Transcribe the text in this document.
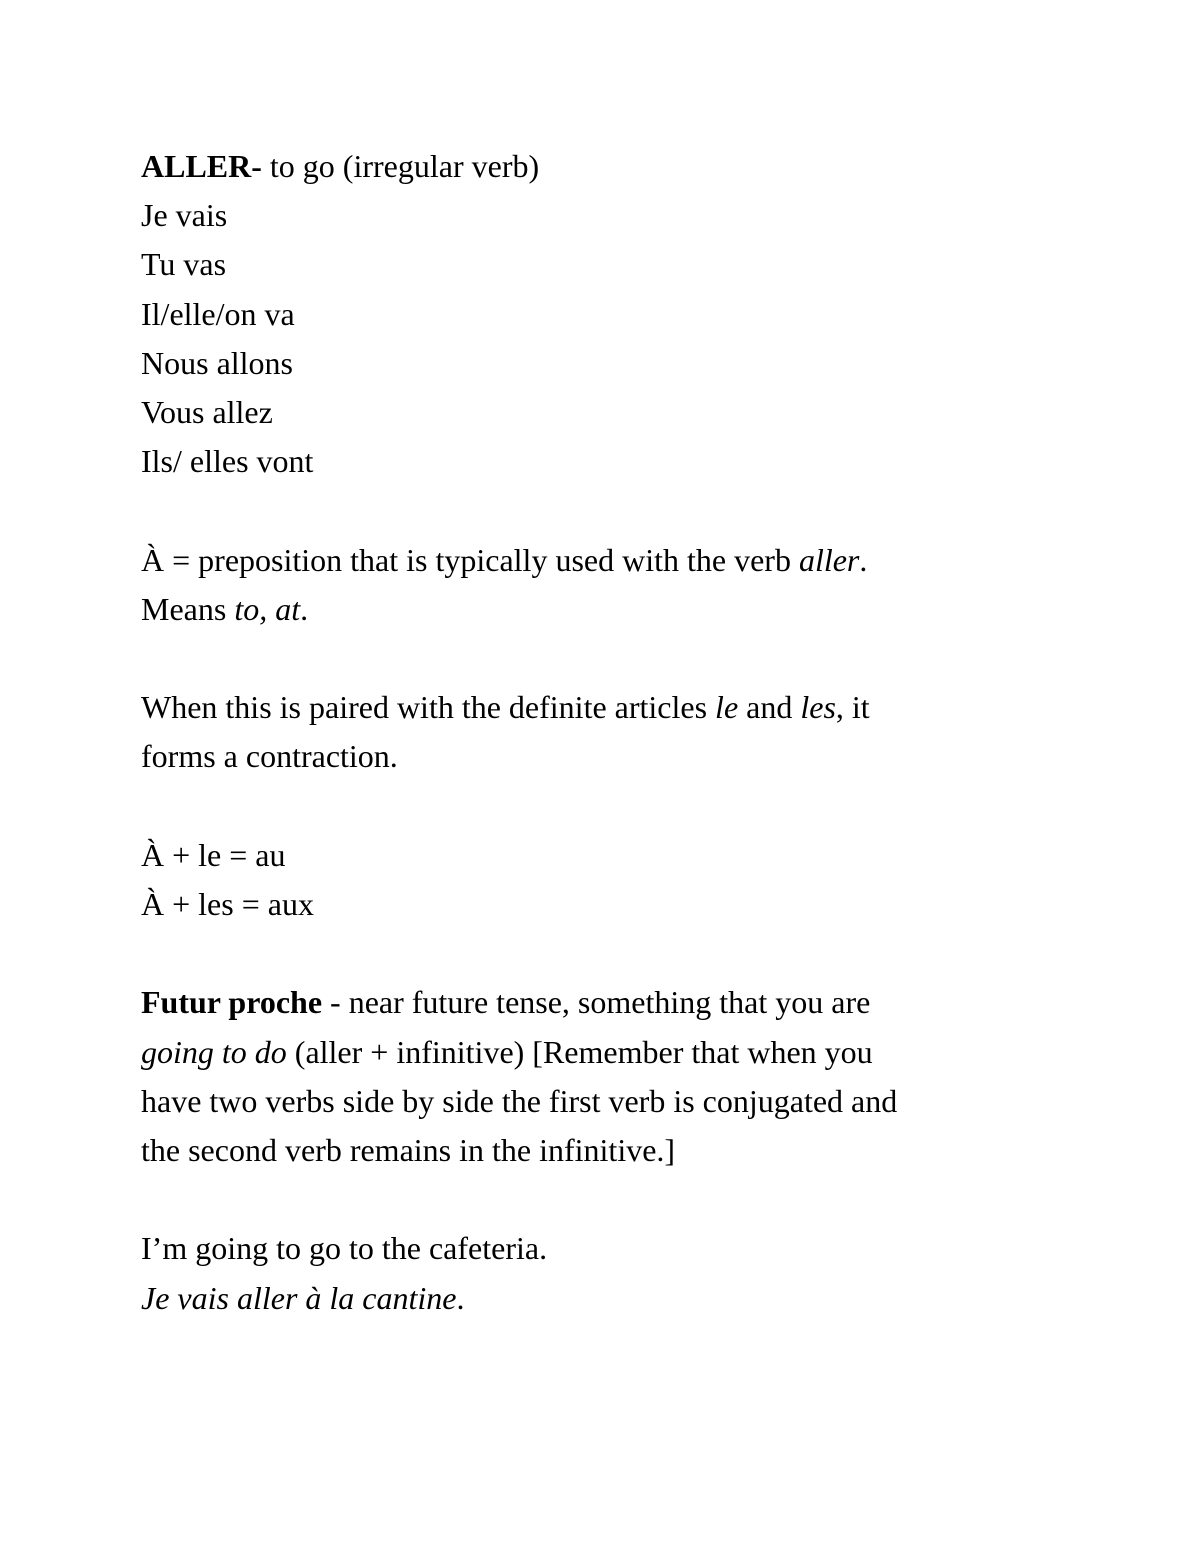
ALLER- to go (irregular verb)
Je vais
Tu vas
Il/elle/on va
Nous allons
Vous allez
Ils/ elles vont
À = preposition that is typically used with the verb aller.
Means to, at.
When this is paired with the definite articles le and les, it
forms a contraction.
À + le = au
À + les = aux
Futur proche - near future tense, something that you are
going to do (aller + infinitive) [Remember that when you
have two verbs side by side the first verb is conjugated and
the second verb remains in the infinitive.]
I’m going to go to the cafeteria.
Je vais aller à la cantine.
